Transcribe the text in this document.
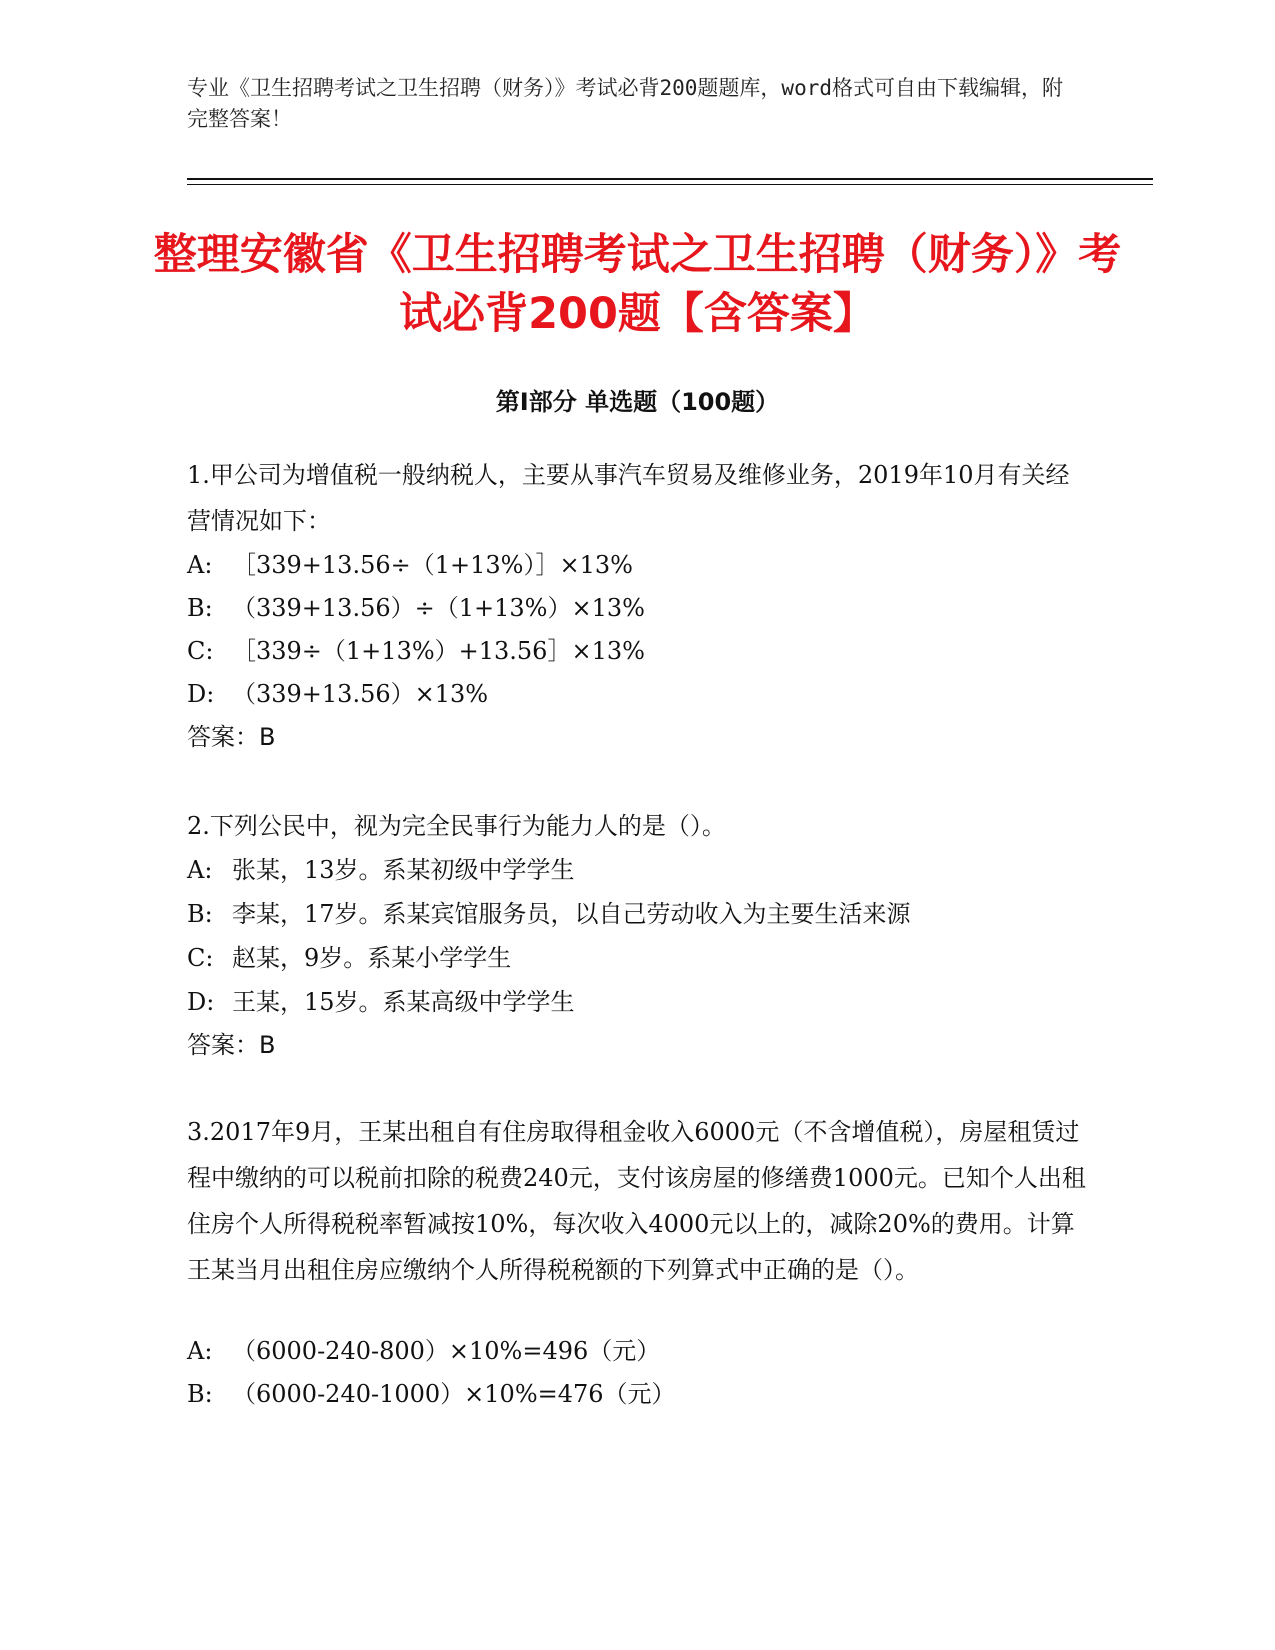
专业《卫生招聘考试之卫生招聘（财务）》考试必背200题题库，word格式可自由下载编辑，附完整答案！
整理安徽省《卫生招聘考试之卫生招聘（财务）》考试必背200题【含答案】
第Ⅰ部分 单选题（100题）
1.甲公司为增值税一般纳税人，主要从事汽车贸易及维修业务，2019年10月有关经营情况如下：
A: ［339+13.56÷（1+13%）］×13%
B: （339+13.56）÷（1+13%）×13%
C: ［339÷（1+13%）+13.56］×13%
D: （339+13.56）×13%
答案：B
2.下列公民中，视为完全民事行为能力人的是（）。
A: 张某，13岁。系某初级中学学生
B: 李某，17岁。系某宾馆服务员，以自己劳动收入为主要生活来源
C: 赵某，9岁。系某小学学生
D: 王某，15岁。系某高级中学学生
答案：B
3.2017年9月，王某出租自有住房取得租金收入6000元（不含增值税），房屋租赁过程中缴纳的可以税前扣除的税费240元，支付该房屋的修缮费1000元。已知个人出租住房个人所得税税率暂减按10%，每次收入4000元以上的，减除20%的费用。计算王某当月出租住房应缴纳个人所得税税额的下列算式中正确的是（）。
A: （6000-240-800）×10%=496（元）
B: （6000-240-1000）×10%=476（元）
